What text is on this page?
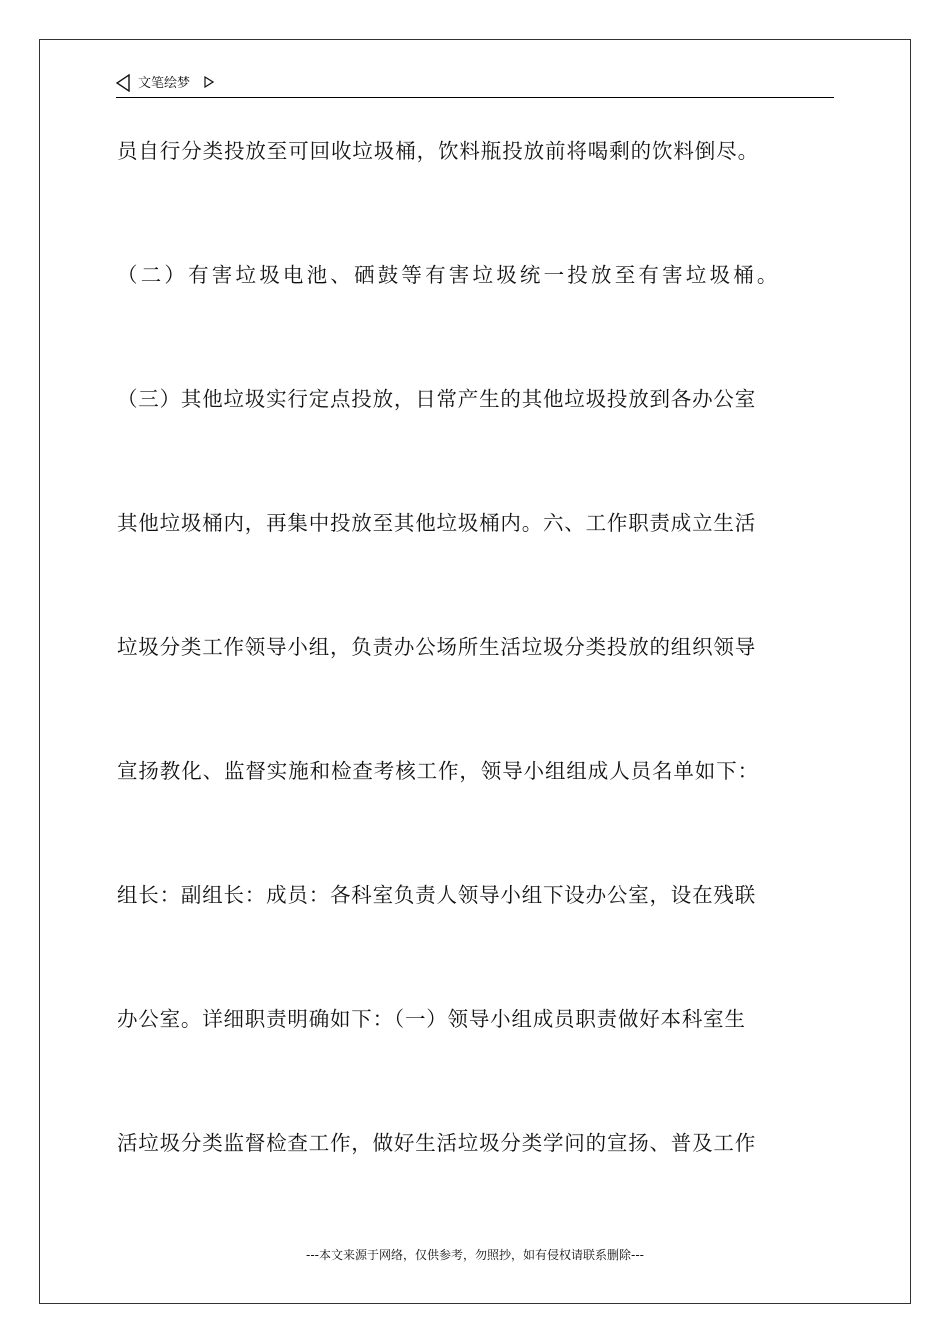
文笔绘梦
员自行分类投放至可回收垃圾桶，饮料瓶投放前将喝剩的饮料倒尽。
（二）有害垃圾电池、硒鼓等有害垃圾统一投放至有害垃圾桶。
（三）其他垃圾实行定点投放，日常产生的其他垃圾投放到各办公室
其他垃圾桶内，再集中投放至其他垃圾桶内。六、工作职责成立生活
垃圾分类工作领导小组，负责办公场所生活垃圾分类投放的组织领导
宣扬教化、监督实施和检查考核工作，领导小组组成人员名单如下：
组长：副组长：成员：各科室负责人领导小组下设办公室，设在残联
办公室。详细职责明确如下：（一）领导小组成员职责做好本科室生
活垃圾分类监督检查工作，做好生活垃圾分类学问的宣扬、普及工作
---本文来源于网络，仅供参考，勿照抄，如有侵权请联系删除---
